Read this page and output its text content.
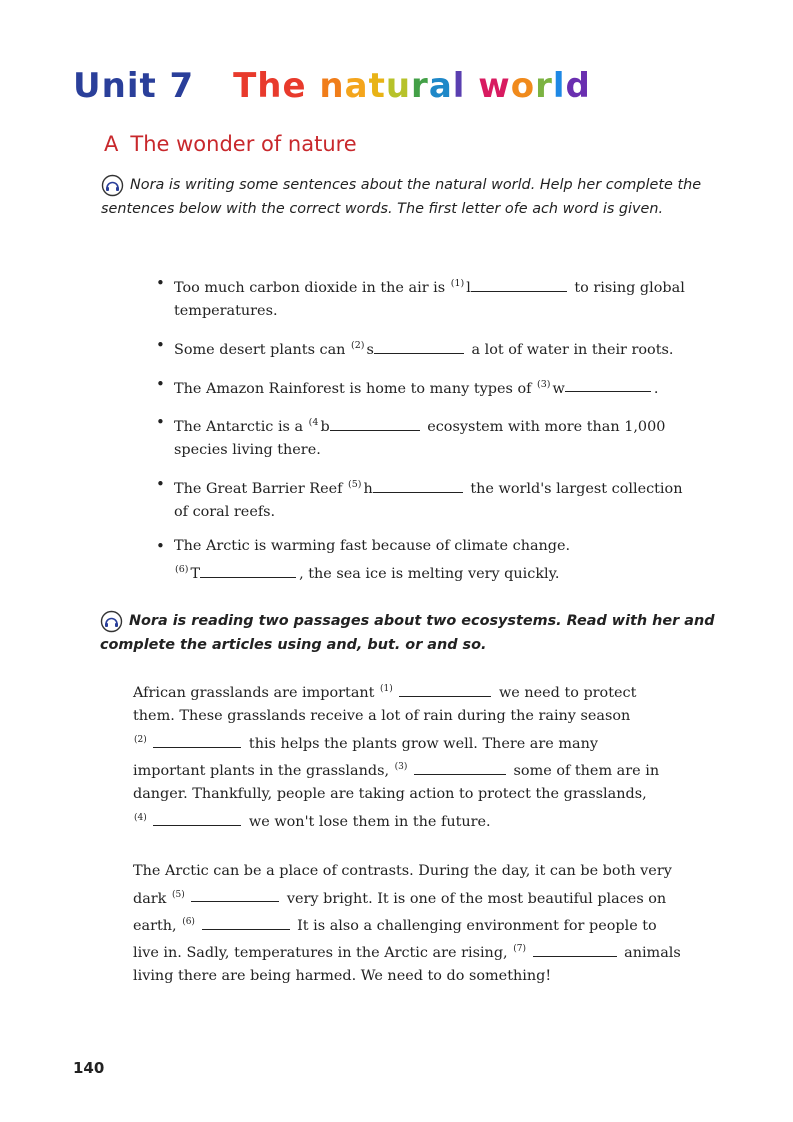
Unit 7 The natural world
A The wonder of nature
Nora is writing some sentences about the natural world. Help her complete the sentences below with the correct words. The first letter ofe ach word is given.
• Too much carbon dioxide in the air is $^{(1)}$ l	to rising global temperatures.
• Some desert plants can $^{(2)}$ s	a lot of water in their roots.
• The Amazon Rainforest is home to many types of $^{(3)}$ w	.
• The Antarctic is a $^{(4}$ b	ecosystem with more than 1,000 species living there.
• The Great Barrier Reef $^{(5)}$ h	the world's largest collection of coral reefs.
• The Arctic is warming fast because of climate change.
$^{(6)}$ T	, the sea ice is melting very quickly.
Nora is reading two passages about two ecosystems. Read with her and complete the articles using and, but. or and so.
African grasslands are important $^{(1)}$	we need to protect
them. These grasslands receive a lot of rain during the rainy season
$^{(2)}$	this helps the plants grow well. There are many
important plants in the grasslands, $^{(3)}$	some of them are in
danger. Thankfully, people are taking action to protect the grasslands,
$^{(4)}$	we won't lose them in the future.
The Arctic can be a place of contrasts. During the day, it can be both very
dark $^{(5)}$	very bright. It is one of the most beautiful places on
earth, $^{(6)}$	It is also a challenging environment for people to
live in. Sadly, temperatures in the Arctic are rising, $^{(7)}$	animals
living there are being harmed. We need to do something!
140
